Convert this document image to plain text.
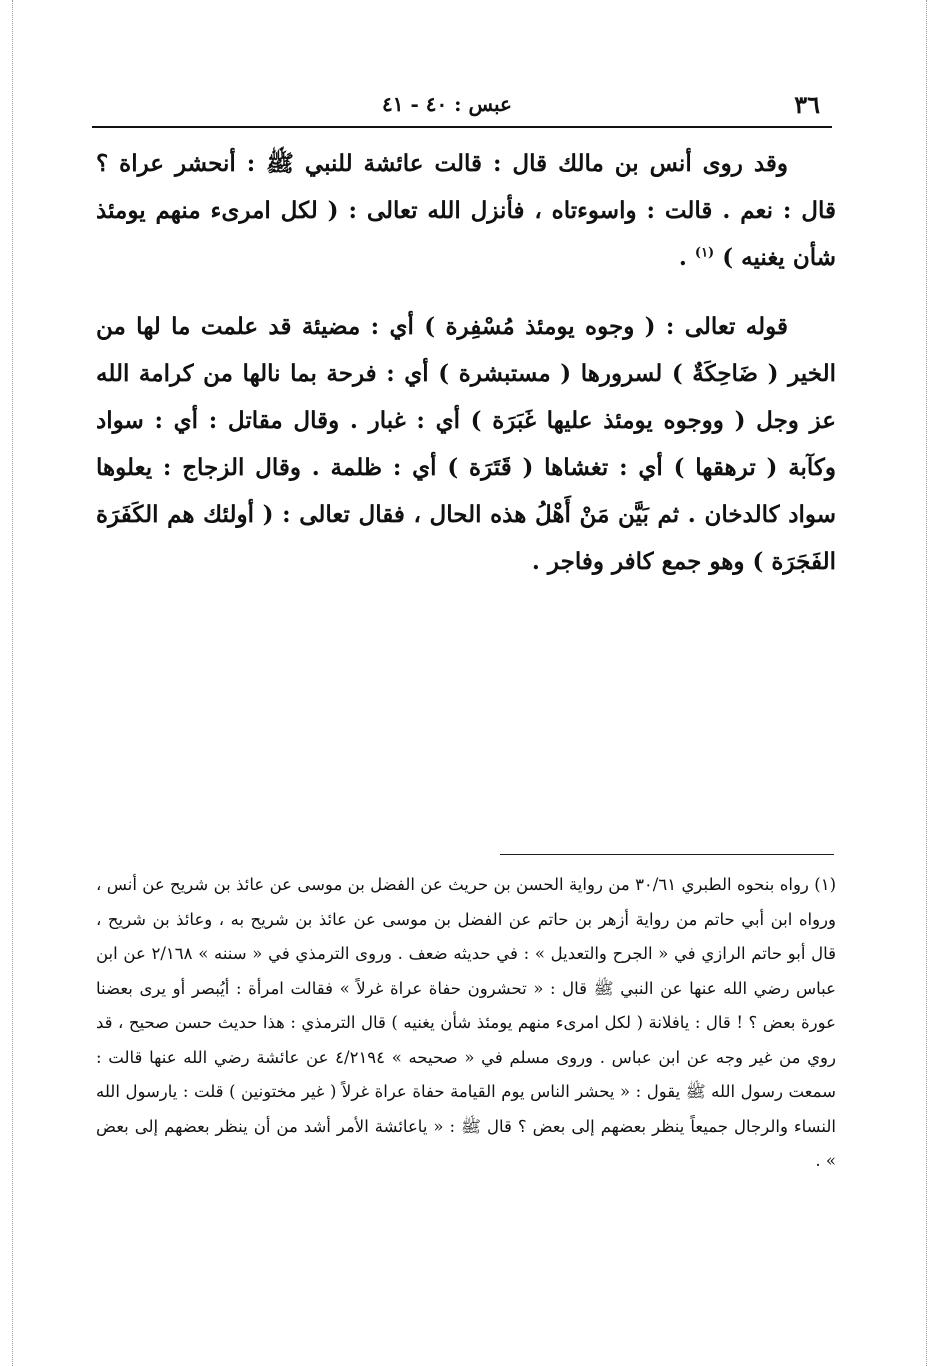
٣٦
عبس : ٤٠ - ٤١

وقد روى أنس بن مالك قال : قالت عائشة للنبي ﷺ : أنحشر عراة ؟ قال : نعم . قالت : واسوءتاه ، فأنزل الله تعالى : ( لكل امرىء منهم يومئذ شأن يغنيه ) $^{(١)}$ .

قوله تعالى : ( وجوه يومئذ مُسْفِرة ) أي : مضيئة قد علمت ما لها من الخير ( ضَاحِكَةٌ ) لسرورها ( مستبشرة ) أي : فرحة بما نالها من كرامة الله عز وجل ( ووجوه يومئذ عليها غَبَرَة ) أي : غبار . وقال مقاتل : أي : سواد وكآبة ( ترهقها ) أي : تغشاها ( قَتَرَة ) أي : ظلمة . وقال الزجاج : يعلوها سواد كالدخان . ثم بَيَّن مَنْ أَهْلُ هذه الحال ، فقال تعالى : ( أولئك هم الكَفَرَة الفَجَرَة ) وهو جمع كافر وفاجر .

(١) رواه بنحوه الطبري ٣٠/٦١ من رواية الحسن بن حريث عن الفضل بن موسى عن عائذ بن شريح عن أنس ، ورواه ابن أبي حاتم من رواية أزهر بن حاتم عن الفضل بن موسى عن عائذ بن شريح به ، وعائذ بن شريح ، قال أبو حاتم الرازي في « الجرح والتعديل » : في حديثه ضعف . وروى الترمذي في « سننه » ٢/١٦٨ عن ابن عباس رضي الله عنها عن النبي ﷺ قال : « تحشرون حفاة عراة غرلاً » فقالت امرأة : أيُبصر أو يرى بعضنا عورة بعض ؟ ! قال : يافلانة ( لكل امرىء منهم يومئذ شأن يغنيه ) قال الترمذي : هذا حديث حسن صحيح ، قد روي من غير وجه عن ابن عباس . وروى مسلم في « صحيحه » ٤/٢١٩٤ عن عائشة رضي الله عنها قالت : سمعت رسول الله ﷺ يقول : « يحشر الناس يوم القيامة حفاة عراة غرلاً ( غير مختونين ) قلت : يارسول الله النساء والرجال جميعاً ينظر بعضهم إلى بعض ؟ قال ﷺ : « ياعائشة الأمر أشد من أن ينظر بعضهم إلى بعض » .
